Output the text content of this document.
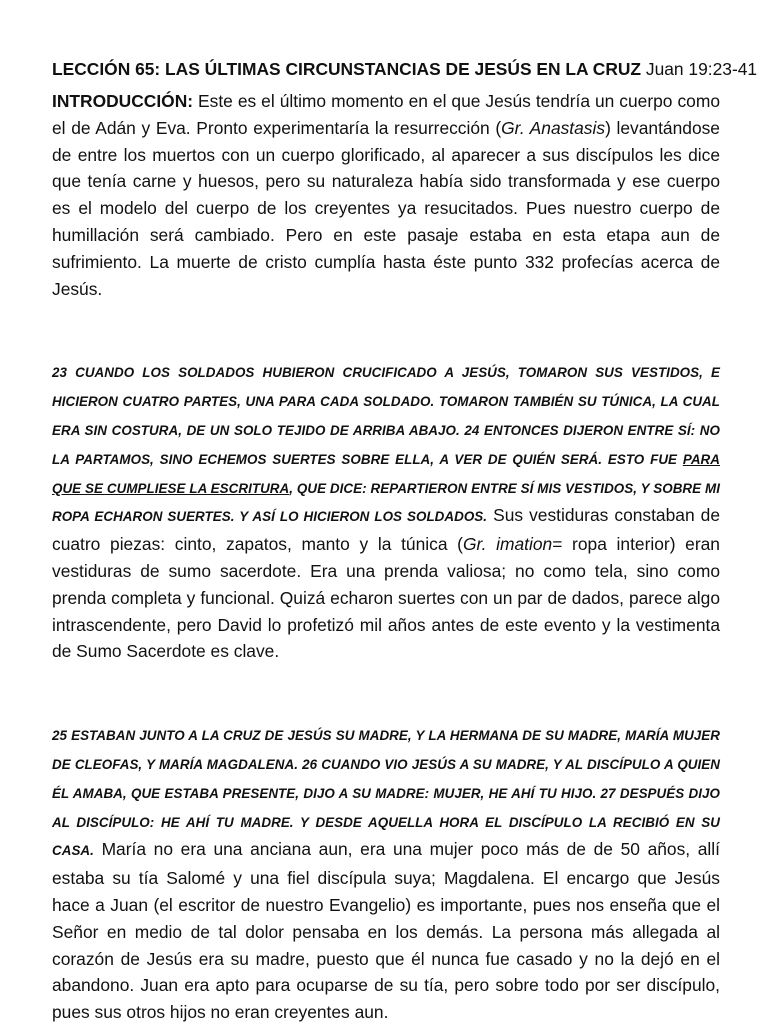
LECCIÓN 65: LAS ÚLTIMAS CIRCUNSTANCIAS DE JESÚS EN LA CRUZ Juan 19:23-41

INTRODUCCIÓN: Este es el último momento en el que Jesús tendría un cuerpo como el de Adán y Eva. Pronto experimentaría la resurrección (Gr. Anastasis) levantándose de entre los muertos con un cuerpo glorificado, al aparecer a sus discípulos les dice que tenía carne y huesos, pero su naturaleza había sido transformada y ese cuerpo es el modelo del cuerpo de los creyentes ya resucitados. Pues nuestro cuerpo de humillación será cambiado. Pero en este pasaje estaba en esta etapa aun de sufrimiento. La muerte de cristo cumplía hasta éste punto 332 profecías acerca de Jesús.

23 CUANDO LOS SOLDADOS HUBIERON CRUCIFICADO A JESÚS, TOMARON SUS VESTIDOS, E HICIERON CUATRO PARTES, UNA PARA CADA SOLDADO. TOMARON TAMBIÉN SU TÚNICA, LA CUAL ERA SIN COSTURA, DE UN SOLO TEJIDO DE ARRIBA ABAJO. 24 ENTONCES DIJERON ENTRE SÍ: NO LA PARTAMOS, SINO ECHEMOS SUERTES SOBRE ELLA, A VER DE QUIÉN SERÁ. ESTO FUE PARA QUE SE CUMPLIESE LA ESCRITURA, QUE DICE: REPARTIERON ENTRE SÍ MIS VESTIDOS, Y SOBRE MI ROPA ECHARON SUERTES. Y ASÍ LO HICIERON LOS SOLDADOS. Sus vestiduras constaban de cuatro piezas: cinto, zapatos, manto y la túnica (Gr. imation= ropa interior) eran vestiduras de sumo sacerdote. Era una prenda valiosa; no como tela, sino como prenda completa y funcional. Quizá echaron suertes con un par de dados, parece algo intrascendente, pero David lo profetizó mil años antes de este evento y la vestimenta de Sumo Sacerdote es clave.

25 ESTABAN JUNTO A LA CRUZ DE JESÚS SU MADRE, Y LA HERMANA DE SU MADRE, MARÍA MUJER DE CLEOFAS, Y MARÍA MAGDALENA. 26 CUANDO VIO JESÚS A SU MADRE, Y AL DISCÍPULO A QUIEN ÉL AMABA, QUE ESTABA PRESENTE, DIJO A SU MADRE: MUJER, HE AHÍ TU HIJO. 27 DESPUÉS DIJO AL DISCÍPULO: HE AHÍ TU MADRE. Y DESDE AQUELLA HORA EL DISCÍPULO LA RECIBIÓ EN SU CASA. María no era una anciana aun, era una mujer poco más de de 50 años, allí estaba su tía Salomé y una fiel discípula suya; Magdalena. El encargo que Jesús hace a Juan (el escritor de nuestro Evangelio) es importante, pues nos enseña que el Señor en medio de tal dolor pensaba en los demás. La persona más allegada al corazón de Jesús era su madre, puesto que él nunca fue casado y no la dejó en el abandono. Juan era apto para ocuparse de su tía, pero sobre todo por ser discípulo, pues sus otros hijos no eran creyentes aun.
